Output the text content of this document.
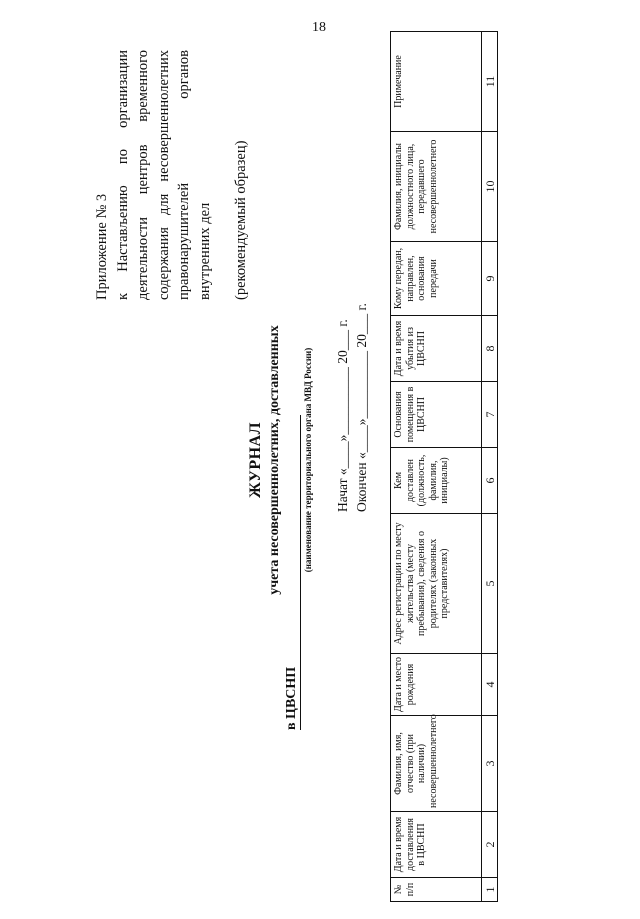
18
Приложение № 3 к Настављению по организации деятельности центров временного содержания для несовершеннолетних правонарушителей органов внутренних дел (рекомендуемый образец)
ЖУРНАЛ учета несовершеннолетних, доставленных
в ЦВСНП
(наименование территориального органа МВД России) Начат «____»__________ 20___ г. Окончен «____»__________ 20___ г.
№ п/п	Дата и время доставления в ЦВСНП	Фамилия, имя, отчество (при наличии) несовершеннолетнего	Дата и место рождения	Адрес регистрации по месту жительства (месту пребывания), сведения о родителях (законных представителях)	Кем доставлен (должность, фамилия, инициалы)	Основания помещения в ЦВСНП	Дата и время убытия из ЦВСНП	Кому передан, направлен, основания передачи	Фамилия, инициалы должностного лица, передавшего несовершеннолетнего	Примечание
1	2	3	4	5	6	7	8	9	10	11
